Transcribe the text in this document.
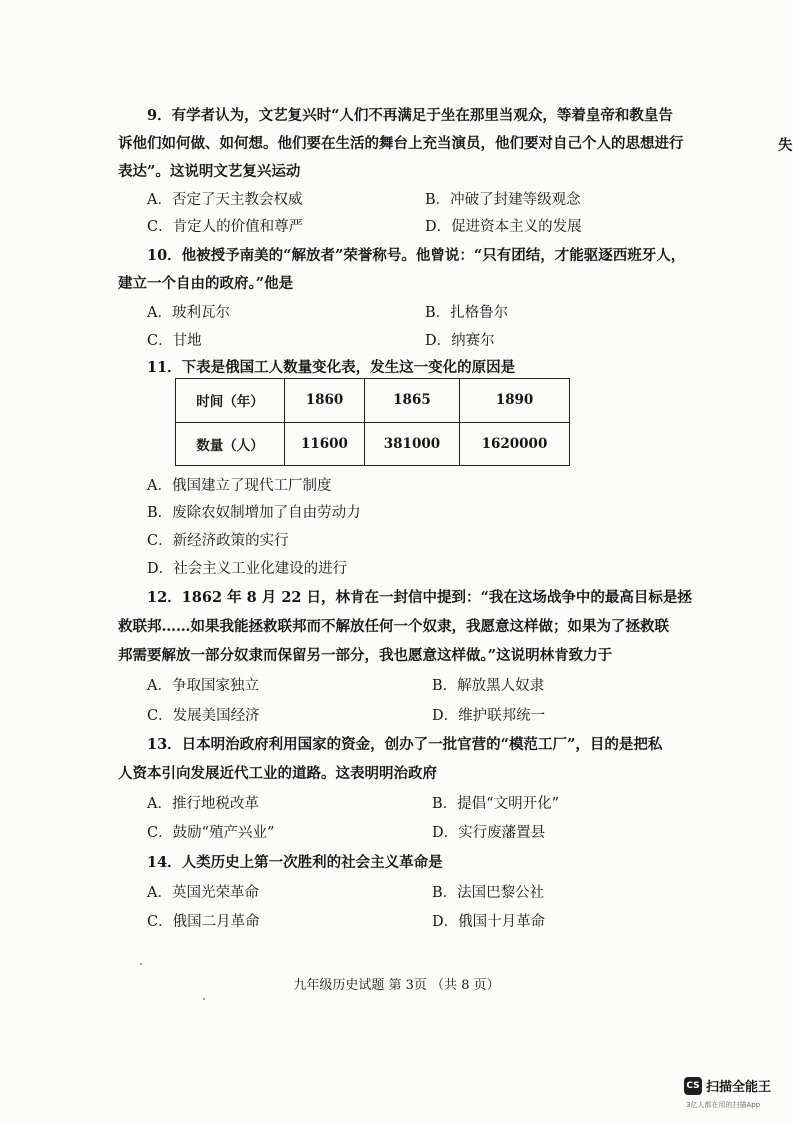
9．有学者认为，文艺复兴时“人们不再满足于坐在那里当观众，等着皇帝和教皇告
诉他们如何做、如何想。他们要在生活的舞台上充当演员，他们要对自己个人的思想进行	失
表达”。这说明文艺复兴运动
A．否定了天主教会权威	B．冲破了封建等级观念
C．肯定人的价值和尊严	D．促进资本主义的发展
10．他被授予南美的“解放者”荣誉称号。他曾说：“只有团结，才能驱逐西班牙人，
建立一个自由的政府。”他是
A．玻利瓦尔	B．扎格鲁尔
C．甘地	D．纳赛尔
11．下表是俄国工人数量变化表，发生这一变化的原因是
时间（年）	1860	1865	1890
数量（人）	11600	381000	1620000
A．俄国建立了现代工厂制度
B．废除农奴制增加了自由劳动力
C．新经济政策的实行
D．社会主义工业化建设的进行
12．1862 年 8 月 22 日，林肯在一封信中提到：“我在这场战争中的最高目标是拯
救联邦……如果我能拯救联邦而不解放任何一个奴隶，我愿意这样做；如果为了拯救联
邦需要解放一部分奴隶而保留另一部分，我也愿意这样做。”这说明林肯致力于
A．争取国家独立	B．解放黑人奴隶
C．发展美国经济	D．维护联邦统一
13．日本明治政府利用国家的资金，创办了一批官营的“模范工厂”，目的是把私
人资本引向发展近代工业的道路。这表明明治政府
A．推行地税改革	B．提倡“文明开化”
C．鼓励“殖产兴业”	D．实行废藩置县
14．人类历史上第一次胜利的社会主义革命是
A．英国光荣革命	B．法国巴黎公社
C．俄国二月革命	D．俄国十月革命
九年级历史试题 第 3页 （共 8 页）
CS 扫描全能王
3亿人都在用的扫描App
